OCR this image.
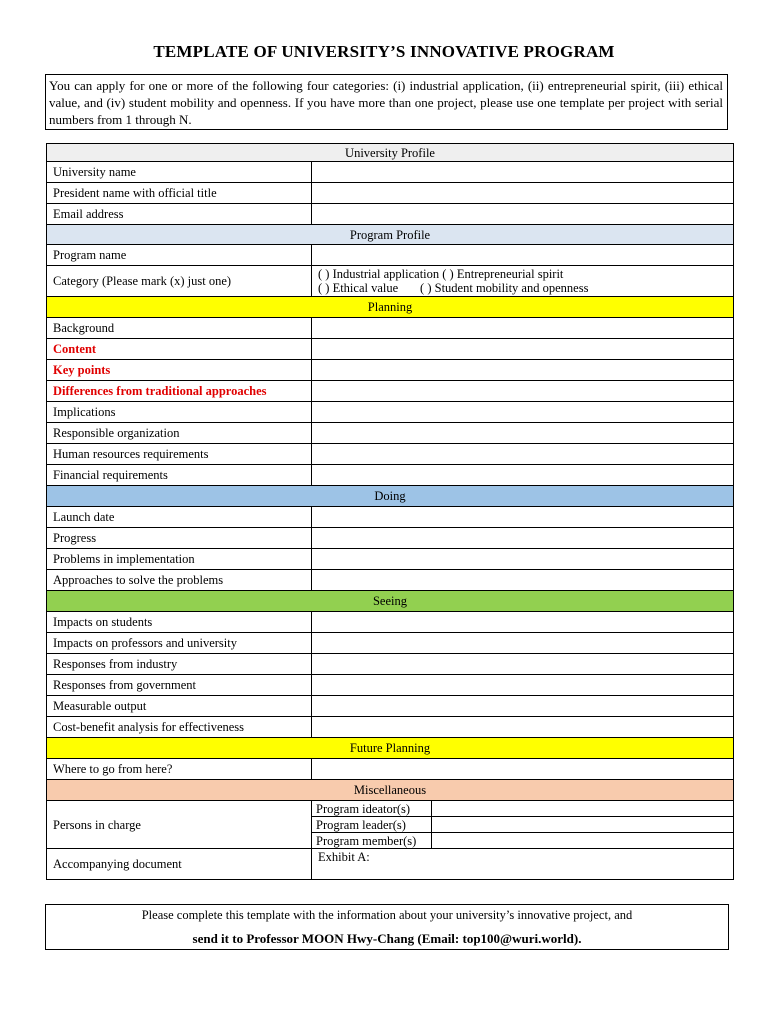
TEMPLATE OF UNIVERSITY’S INNOVATIVE PROGRAM
You can apply for one or more of the following four categories: (i) industrial application, (ii) entrepreneurial spirit, (iii) ethical value, and (iv) student mobility and openness. If you have more than one project, please use one template per project with serial numbers from 1 through N.
University Profile	
University name	
President name with official title	
Email address	
Program Profile		
Program name		
Category (Please mark (x) just one)	( ) Industrial application ( ) Entrepreneurial spirit
( ) Ethical value       ( ) Student mobility and openness	

Planning		
Background		
Content		
Key points		
Differences from traditional approaches		
Implications		
Responsible organization		
Human resources requirements		
Financial requirements		
Doing		
Launch date		
Progress		
Problems in implementation		
Approaches to solve the problems		
Seeing		
Impacts on students		
Impacts on professors and university		
Responses from industry		
Responses from government		
Measurable output		
Cost-benefit analysis for effectiveness		
Future Planning		
Where to go from here?		
Miscellaneous		
Persons in charge	Program ideator(s)	
	Program leader(s)	
	Program member(s)	
Accompanying document	Exhibit A:	
Please complete this template with the information about your university’s innovative project, and
send it to Professor MOON Hwy-Chang (Email: top100@wuri.world).
